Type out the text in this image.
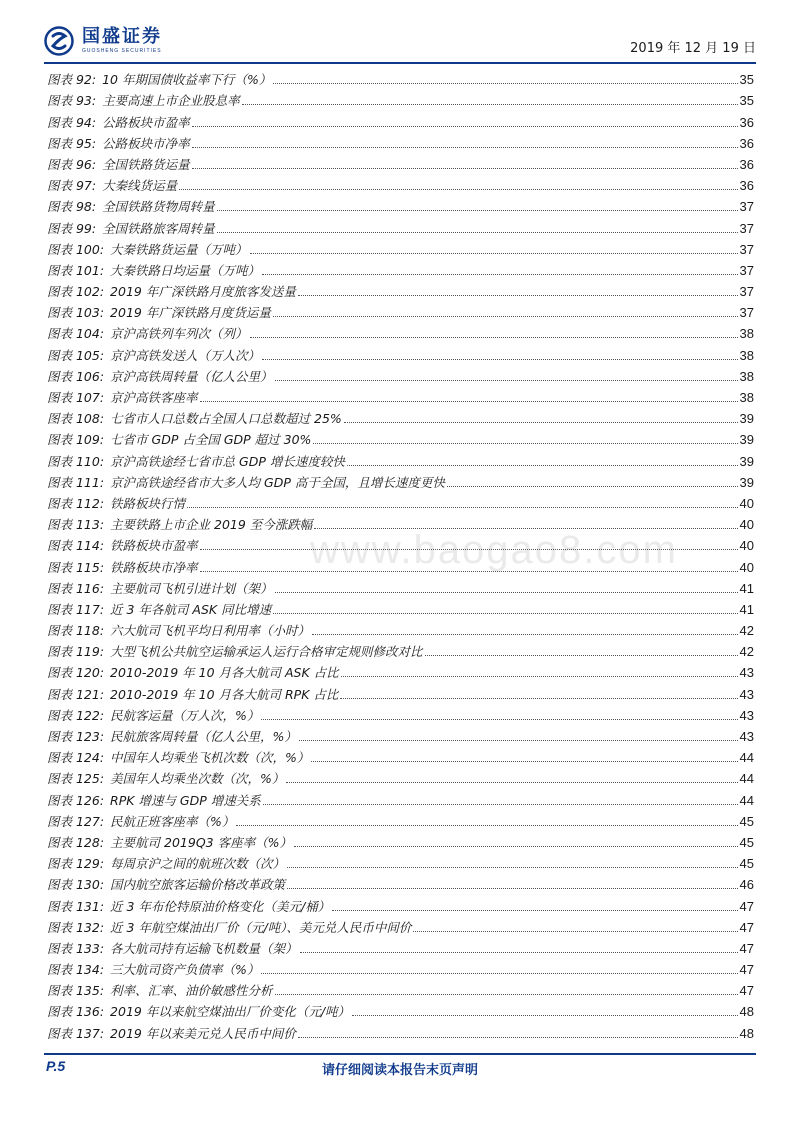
国盛证券
GUOSHENG SECURITIES	2019 年 12 月 19 日
www.baogao8.com
图表 92: 10 年期国债收益率下行（%）	35
图表 93: 主要高速上市企业股息率	35
图表 94: 公路板块市盈率	36
图表 95: 公路板块市净率	36
图表 96: 全国铁路货运量	36
图表 97: 大秦线货运量	36
图表 98: 全国铁路货物周转量	37
图表 99: 全国铁路旅客周转量	37
图表 100: 大秦铁路货运量（万吨）	37
图表 101: 大秦铁路日均运量（万吨）	37
图表 102: 2019 年广深铁路月度旅客发送量	37
图表 103: 2019 年广深铁路月度货运量	37
图表 104: 京沪高铁列车列次（列）	38
图表 105: 京沪高铁发送人（万人次）	38
图表 106: 京沪高铁周转量（亿人公里）	38
图表 107: 京沪高铁客座率	38
图表 108: 七省市人口总数占全国人口总数超过 25%	39
图表 109: 七省市 GDP 占全国 GDP 超过 30%	39
图表 110: 京沪高铁途经七省市总 GDP 增长速度较快	39
图表 111: 京沪高铁途经省市大多人均 GDP 高于全国，且增长速度更快	39
图表 112: 铁路板块行情	40
图表 113: 主要铁路上市企业 2019 至今涨跌幅	40
图表 114: 铁路板块市盈率	40
图表 115: 铁路板块市净率	40
图表 116: 主要航司飞机引进计划（架）	41
图表 117: 近 3 年各航司 ASK 同比增速	41
图表 118: 六大航司飞机平均日利用率（小时）	42
图表 119: 大型飞机公共航空运输承运人运行合格审定规则修改对比	42
图表 120: 2010-2019 年 10 月各大航司 ASK 占比	43
图表 121: 2010-2019 年 10 月各大航司 RPK 占比	43
图表 122: 民航客运量（万人次，%）	43
图表 123: 民航旅客周转量（亿人公里，%）	43
图表 124: 中国年人均乘坐飞机次数（次，%）	44
图表 125: 美国年人均乘坐次数（次，%）	44
图表 126: RPK 增速与 GDP 增速关系	44
图表 127: 民航正班客座率（%）	45
图表 128: 主要航司 2019Q3 客座率（%）	45
图表 129: 每周京沪之间的航班次数（次）	45
图表 130: 国内航空旅客运输价格改革政策	46
图表 131: 近 3 年布伦特原油价格变化（美元/桶）	47
图表 132: 近 3 年航空煤油出厂价（元/吨）、美元兑人民币中间价	47
图表 133: 各大航司持有运输飞机数量（架）	47
图表 134: 三大航司资产负债率（%）	47
图表 135: 利率、汇率、油价敏感性分析	47
图表 136: 2019 年以来航空煤油出厂价变化（元/吨）	48
图表 137: 2019 年以来美元兑人民币中间价	48
P.5	请仔细阅读本报告末页声明
